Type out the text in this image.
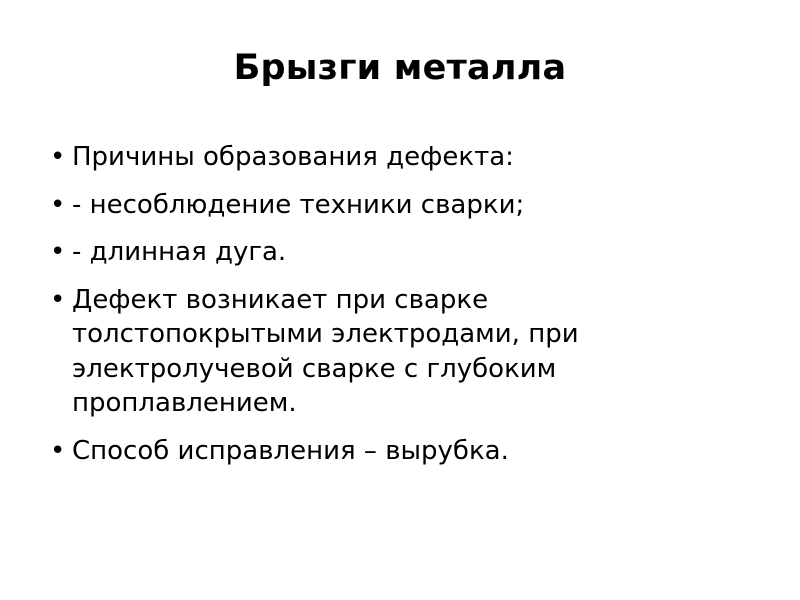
Брызги металла
• Причины образования дефекта:
• - несоблюдение техники сварки;
• - длинная дуга.
• Дефект возникает при сварке толстопокрытыми электродами, при электролучевой сварке с глубоким проплавлением.
• Способ исправления – вырубка.
